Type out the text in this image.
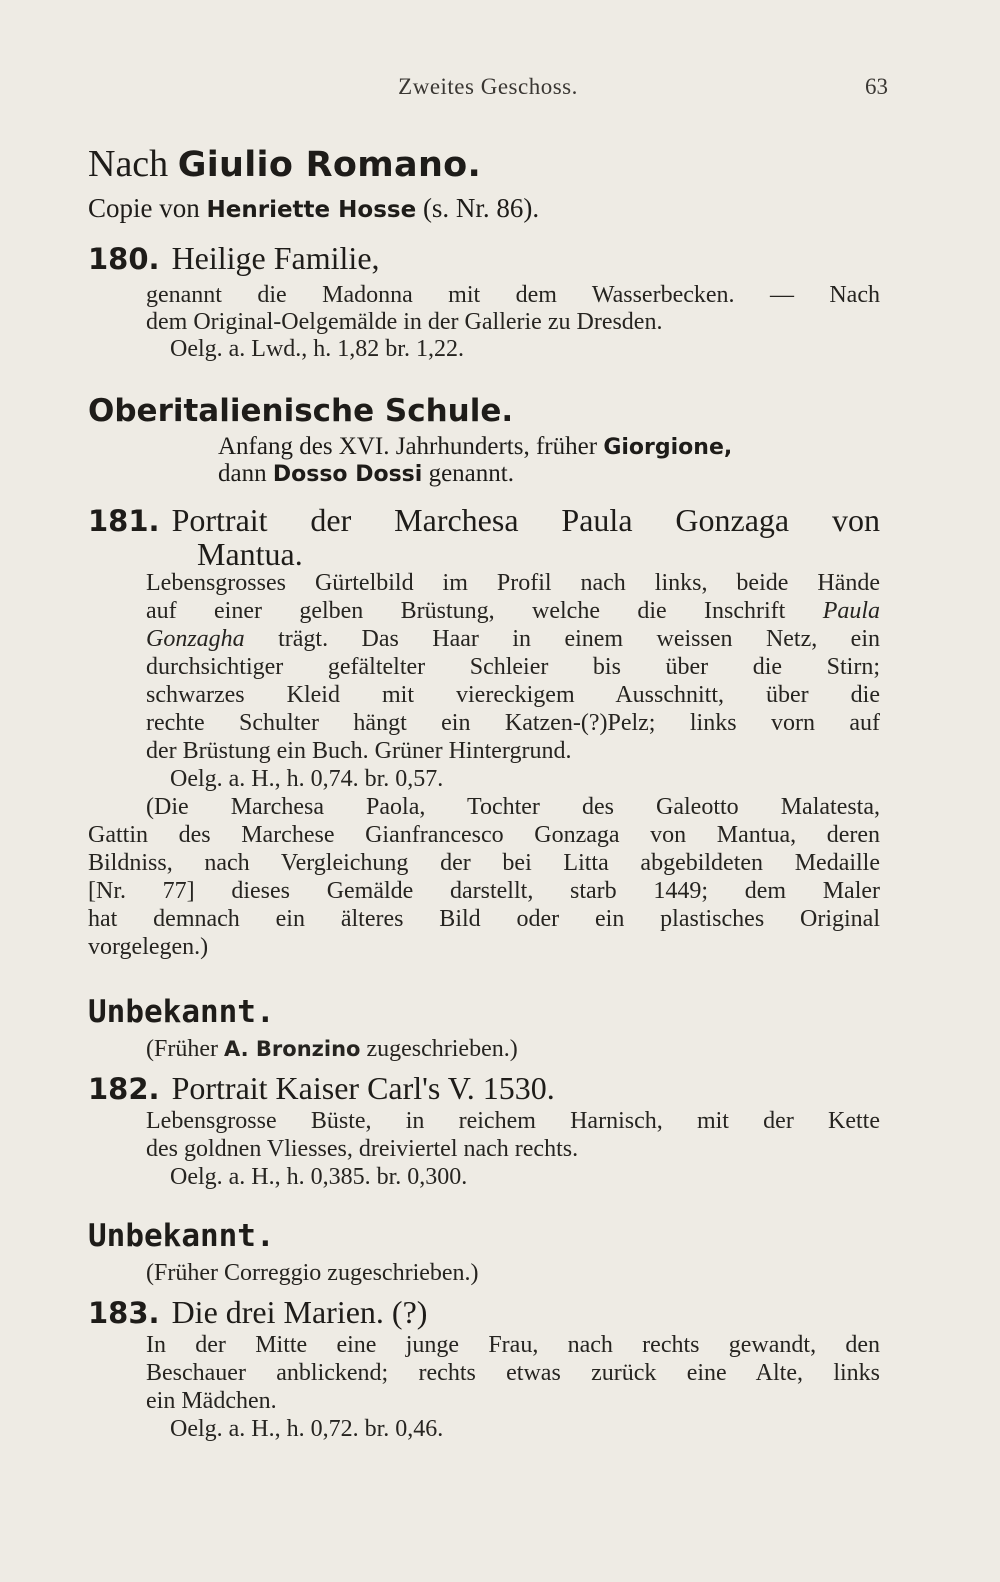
Zweites Geschoss.	63
Nach Giulio Romano.
Copie von Henriette Hosse (s. Nr. 86).
180. Heilige Familie,
genannt die Madonna mit dem Wasserbecken. — Nach
dem Original-Oelgemälde in der Gallerie zu Dresden.
Oelg. a. Lwd., h. 1,82 br. 1,22.
Oberitalienische Schule.
Anfang des XVI. Jahrhunderts, früher Giorgione,
dann Dosso Dossi genannt.
181. Portrait der Marchesa Paula Gonzaga von
Mantua.
Lebensgrosses Gürtelbild im Profil nach links, beide Hände
auf einer gelben Brüstung, welche die Inschrift Paula
Gonzagha trägt. Das Haar in einem weissen Netz, ein
durchsichtiger gefältelter Schleier bis über die Stirn;
schwarzes Kleid mit viereckigem Ausschnitt, über die
rechte Schulter hängt ein Katzen-(?)Pelz; links vorn auf
der Brüstung ein Buch. Grüner Hintergrund.
Oelg. a. H., h. 0,74. br. 0,57.
(Die Marchesa Paola, Tochter des Galeotto Malatesta,
Gattin des Marchese Gianfrancesco Gonzaga von Mantua, deren
Bildniss, nach Vergleichung der bei Litta abgebildeten Medaille
[Nr. 77] dieses Gemälde darstellt, starb 1449; dem Maler
hat demnach ein älteres Bild oder ein plastisches Original
vorgelegen.)
Unbekannt.
(Früher A. Bronzino zugeschrieben.)
182. Portrait Kaiser Carl's V. 1530.
Lebensgrosse Büste, in reichem Harnisch, mit der Kette
des goldnen Vliesses, dreiviertel nach rechts.
Oelg. a. H., h. 0,385. br. 0,300.
Unbekannt.
(Früher Correggio zugeschrieben.)
183. Die drei Marien. (?)
In der Mitte eine junge Frau, nach rechts gewandt, den
Beschauer anblickend; rechts etwas zurück eine Alte, links
ein Mädchen.
Oelg. a. H., h. 0,72. br. 0,46.
